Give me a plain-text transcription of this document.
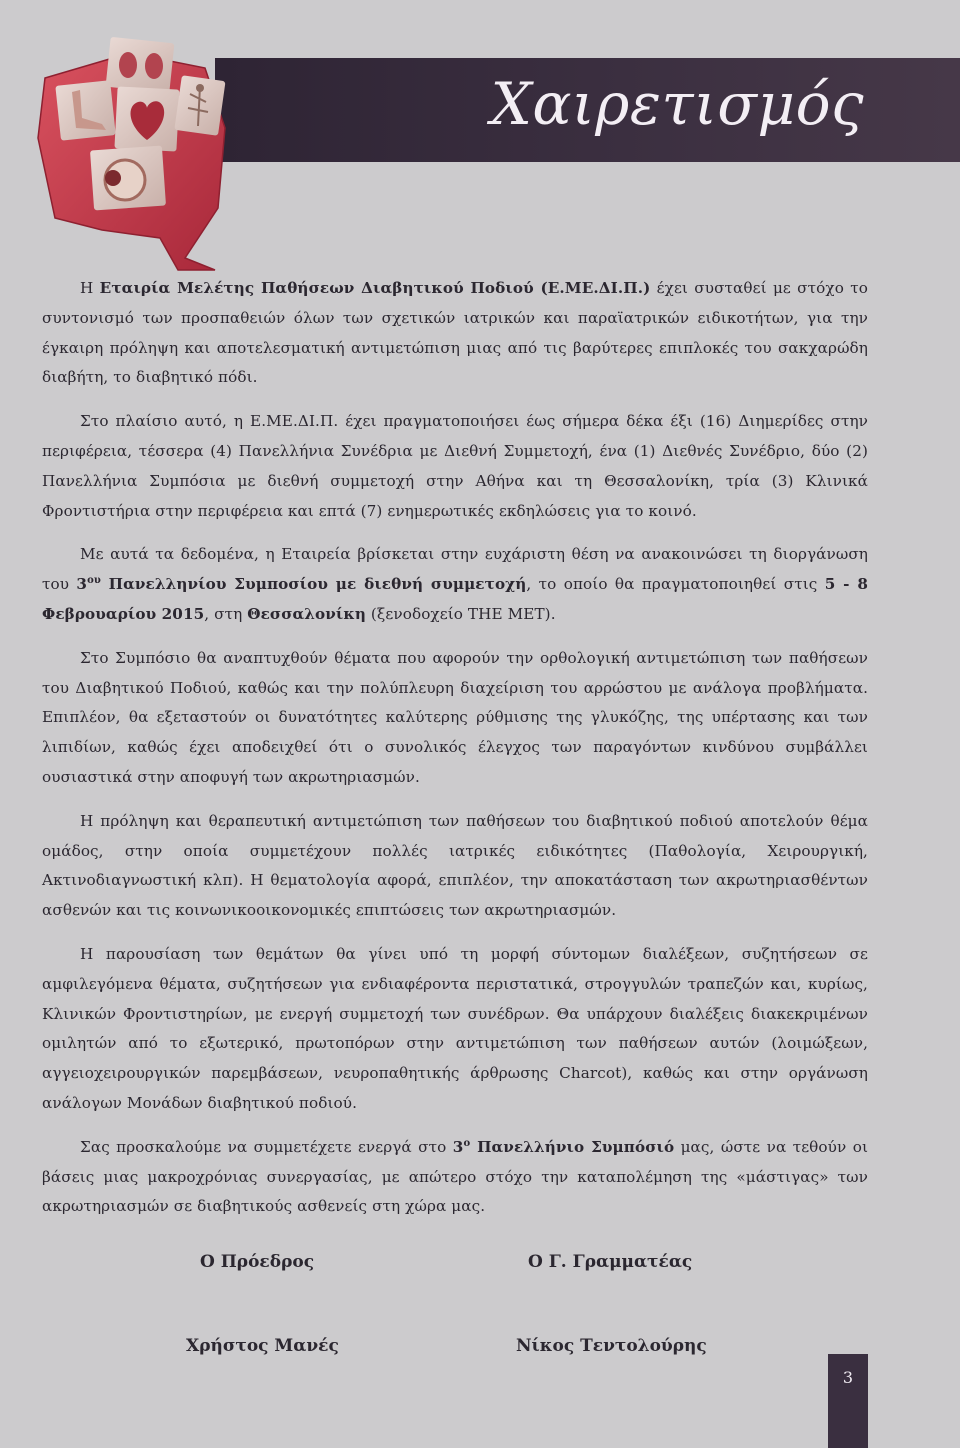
Χαιρετισμός

Η Εταιρία Μελέτης Παθήσεων Διαβητικού Ποδιού (Ε.ΜΕ.ΔΙ.Π.) έχει συσταθεί με στόχο το συντονισμό των προσπαθειών όλων των σχετικών ιατρικών και παραϊατρικών ειδικοτήτων, για την έγκαιρη πρόληψη και αποτελεσματική αντιμετώπιση μιας από τις βαρύτερες επιπλοκές του σακχαρώδη διαβήτη, το διαβητικό πόδι.

Στο πλαίσιο αυτό, η Ε.ΜΕ.ΔΙ.Π. έχει πραγματοποιήσει έως σήμερα δέκα έξι (16) Διημερίδες στην περιφέρεια, τέσσερα (4) Πανελλήνια Συνέδρια με Διεθνή Συμμετοχή, ένα (1) Διεθνές Συνέδριο, δύο (2) Πανελλήνια Συμπόσια με διεθνή συμμετοχή στην Αθήνα και τη Θεσσαλονίκη, τρία (3) Κλινικά Φροντιστήρια στην περιφέρεια και επτά (7) ενημερωτικές εκδηλώσεις για το κοινό.

Με αυτά τα δεδομένα, η Εταιρεία βρίσκεται στην ευχάριστη θέση να ανακοινώσει τη διοργάνωση του $3^{o\upsilon}$ Πανελληνίου Συμποσίου με διεθνή συμμετοχή, το οποίο θα πραγματοποιηθεί στις 5 - 8 Φεβρουαρίου 2015, στη Θεσσαλονίκη (ξενοδοχείο THE MET).

Στο Συμπόσιο θα αναπτυχθούν θέματα που αφορούν την ορθολογική αντιμετώπιση των παθήσεων του Διαβητικού Ποδιού, καθώς και την πολύπλευρη διαχείριση του αρρώστου με ανάλογα προβλήματα. Επιπλέον, θα εξεταστούν οι δυνατότητες καλύτερης ρύθμισης της γλυκόζης, της υπέρτασης και των λιπιδίων, καθώς έχει αποδειχθεί ότι ο συνολικός έλεγχος των παραγόντων κινδύνου συμβάλλει ουσιαστικά στην αποφυγή των ακρωτηριασμών.

Η πρόληψη και θεραπευτική αντιμετώπιση των παθήσεων του διαβητικού ποδιού αποτελούν θέμα ομάδος, στην οποία συμμετέχουν πολλές ιατρικές ειδικότητες (Παθολογία, Χειρουργική, Ακτινοδιαγνωστική κλπ). Η θεματολογία αφορά, επιπλέον, την αποκατάσταση των ακρωτηριασθέντων ασθενών και τις κοινωνικοοικονομικές επιπτώσεις των ακρωτηριασμών.

Η παρουσίαση των θεμάτων θα γίνει υπό τη μορφή σύντομων διαλέξεων, συζητήσεων σε αμφιλεγόμενα θέματα, συζητήσεων για ενδιαφέροντα περιστατικά, στρογγυλών τραπεζών και, κυρίως, Κλινικών Φροντιστηρίων, με ενεργή συμμετοχή των συνέδρων. Θα υπάρχουν διαλέξεις διακεκριμένων ομιλητών από το εξωτερικό, πρωτοπόρων στην αντιμετώπιση των παθήσεων αυτών (λοιμώξεων, αγγειοχειρουργικών παρεμβάσεων, νευροπαθητικής άρθρωσης Charcot), καθώς και στην οργάνωση ανάλογων Μονάδων διαβητικού ποδιού.

Σας προσκαλούμε να συμμετέχετε ενεργά στο $3^o$ Πανελλήνιο Συμπόσιό μας, ώστε να τεθούν οι βάσεις μιας μακροχρόνιας συνεργασίας, με απώτερο στόχο την καταπολέμηση της «μάστιγας» των ακρωτηριασμών σε διαβητικούς ασθενείς στη χώρα μας.

Ο Πρόεδρος	Ο Γ. Γραμματέας
Χρήστος Μανές	Νίκος Τεντολούρης
3
